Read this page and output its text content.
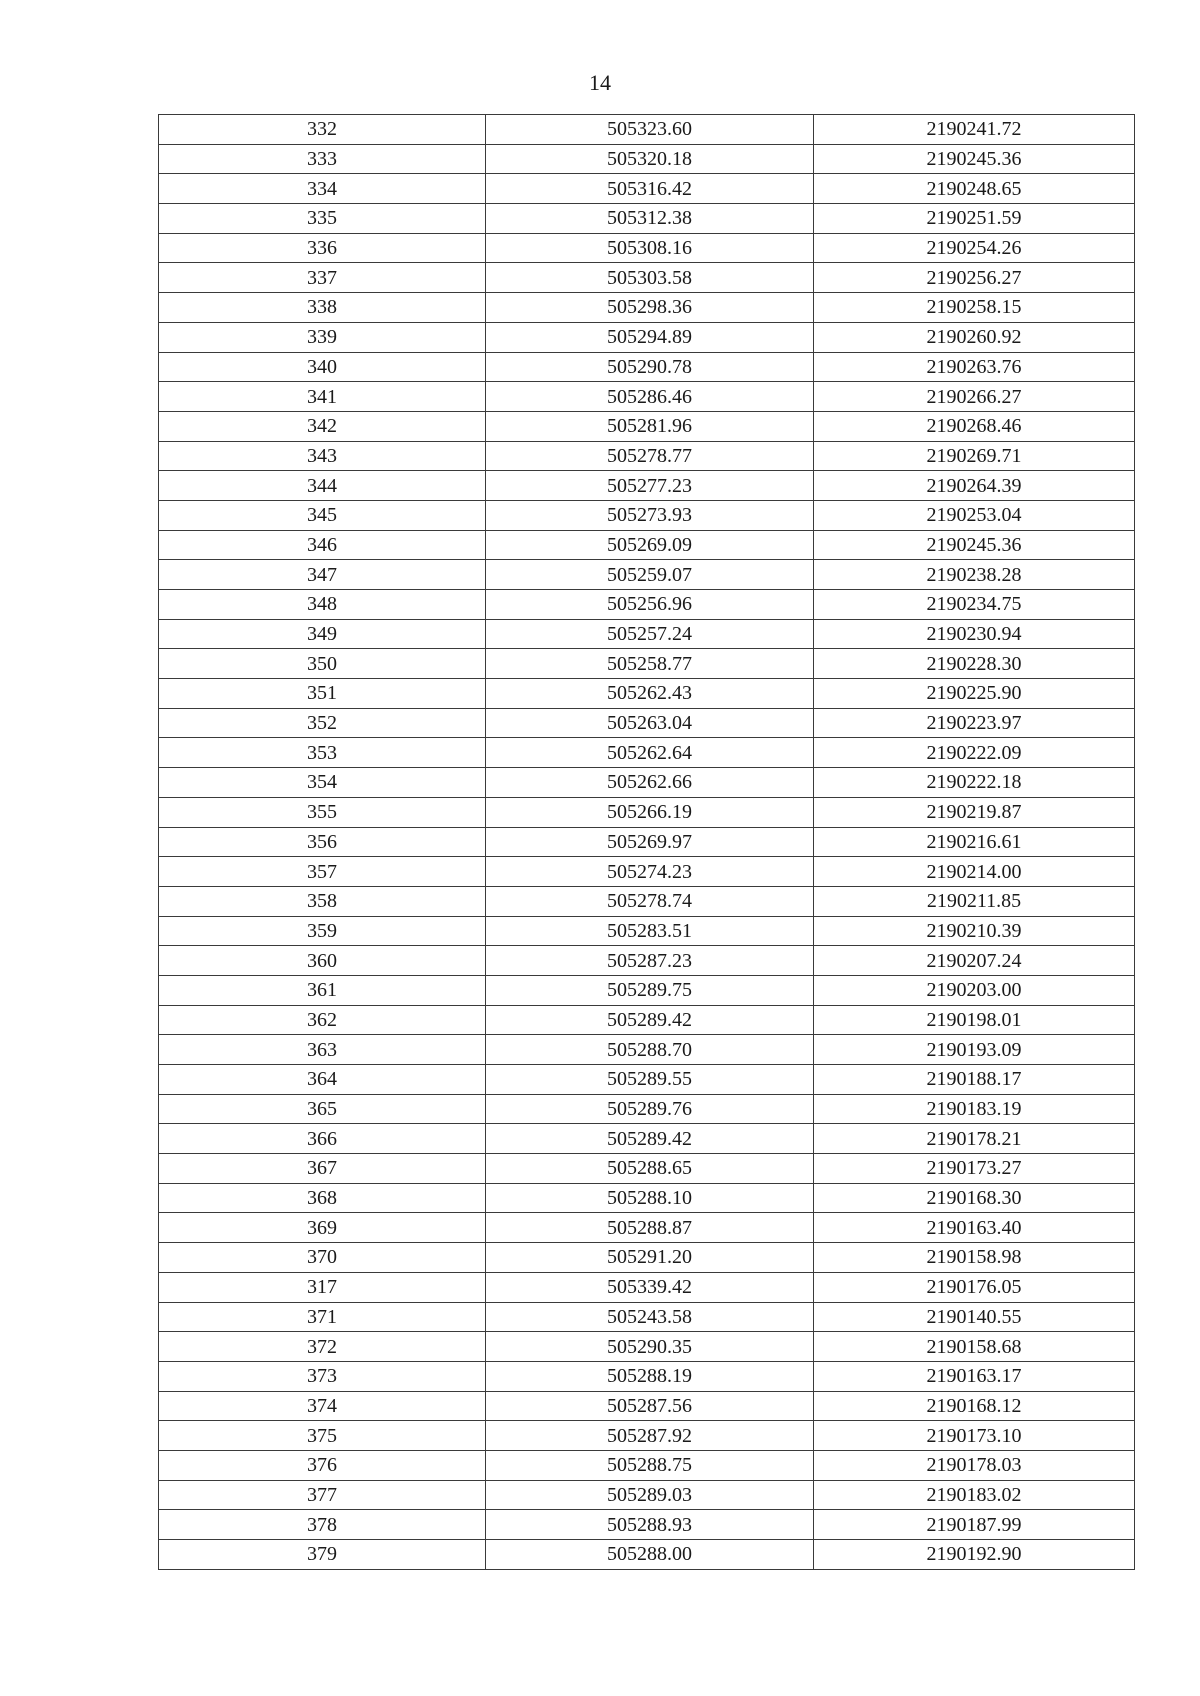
14
332	505323.60	2190241.72
333	505320.18	2190245.36
334	505316.42	2190248.65
335	505312.38	2190251.59
336	505308.16	2190254.26
337	505303.58	2190256.27
338	505298.36	2190258.15
339	505294.89	2190260.92
340	505290.78	2190263.76
341	505286.46	2190266.27
342	505281.96	2190268.46
343	505278.77	2190269.71
344	505277.23	2190264.39
345	505273.93	2190253.04
346	505269.09	2190245.36
347	505259.07	2190238.28
348	505256.96	2190234.75
349	505257.24	2190230.94
350	505258.77	2190228.30
351	505262.43	2190225.90
352	505263.04	2190223.97
353	505262.64	2190222.09
354	505262.66	2190222.18
355	505266.19	2190219.87
356	505269.97	2190216.61
357	505274.23	2190214.00
358	505278.74	2190211.85
359	505283.51	2190210.39
360	505287.23	2190207.24
361	505289.75	2190203.00
362	505289.42	2190198.01
363	505288.70	2190193.09
364	505289.55	2190188.17
365	505289.76	2190183.19
366	505289.42	2190178.21
367	505288.65	2190173.27
368	505288.10	2190168.30
369	505288.87	2190163.40
370	505291.20	2190158.98
317	505339.42	2190176.05
371	505243.58	2190140.55
372	505290.35	2190158.68
373	505288.19	2190163.17
374	505287.56	2190168.12
375	505287.92	2190173.10
376	505288.75	2190178.03
377	505289.03	2190183.02
378	505288.93	2190187.99
379	505288.00	2190192.90
